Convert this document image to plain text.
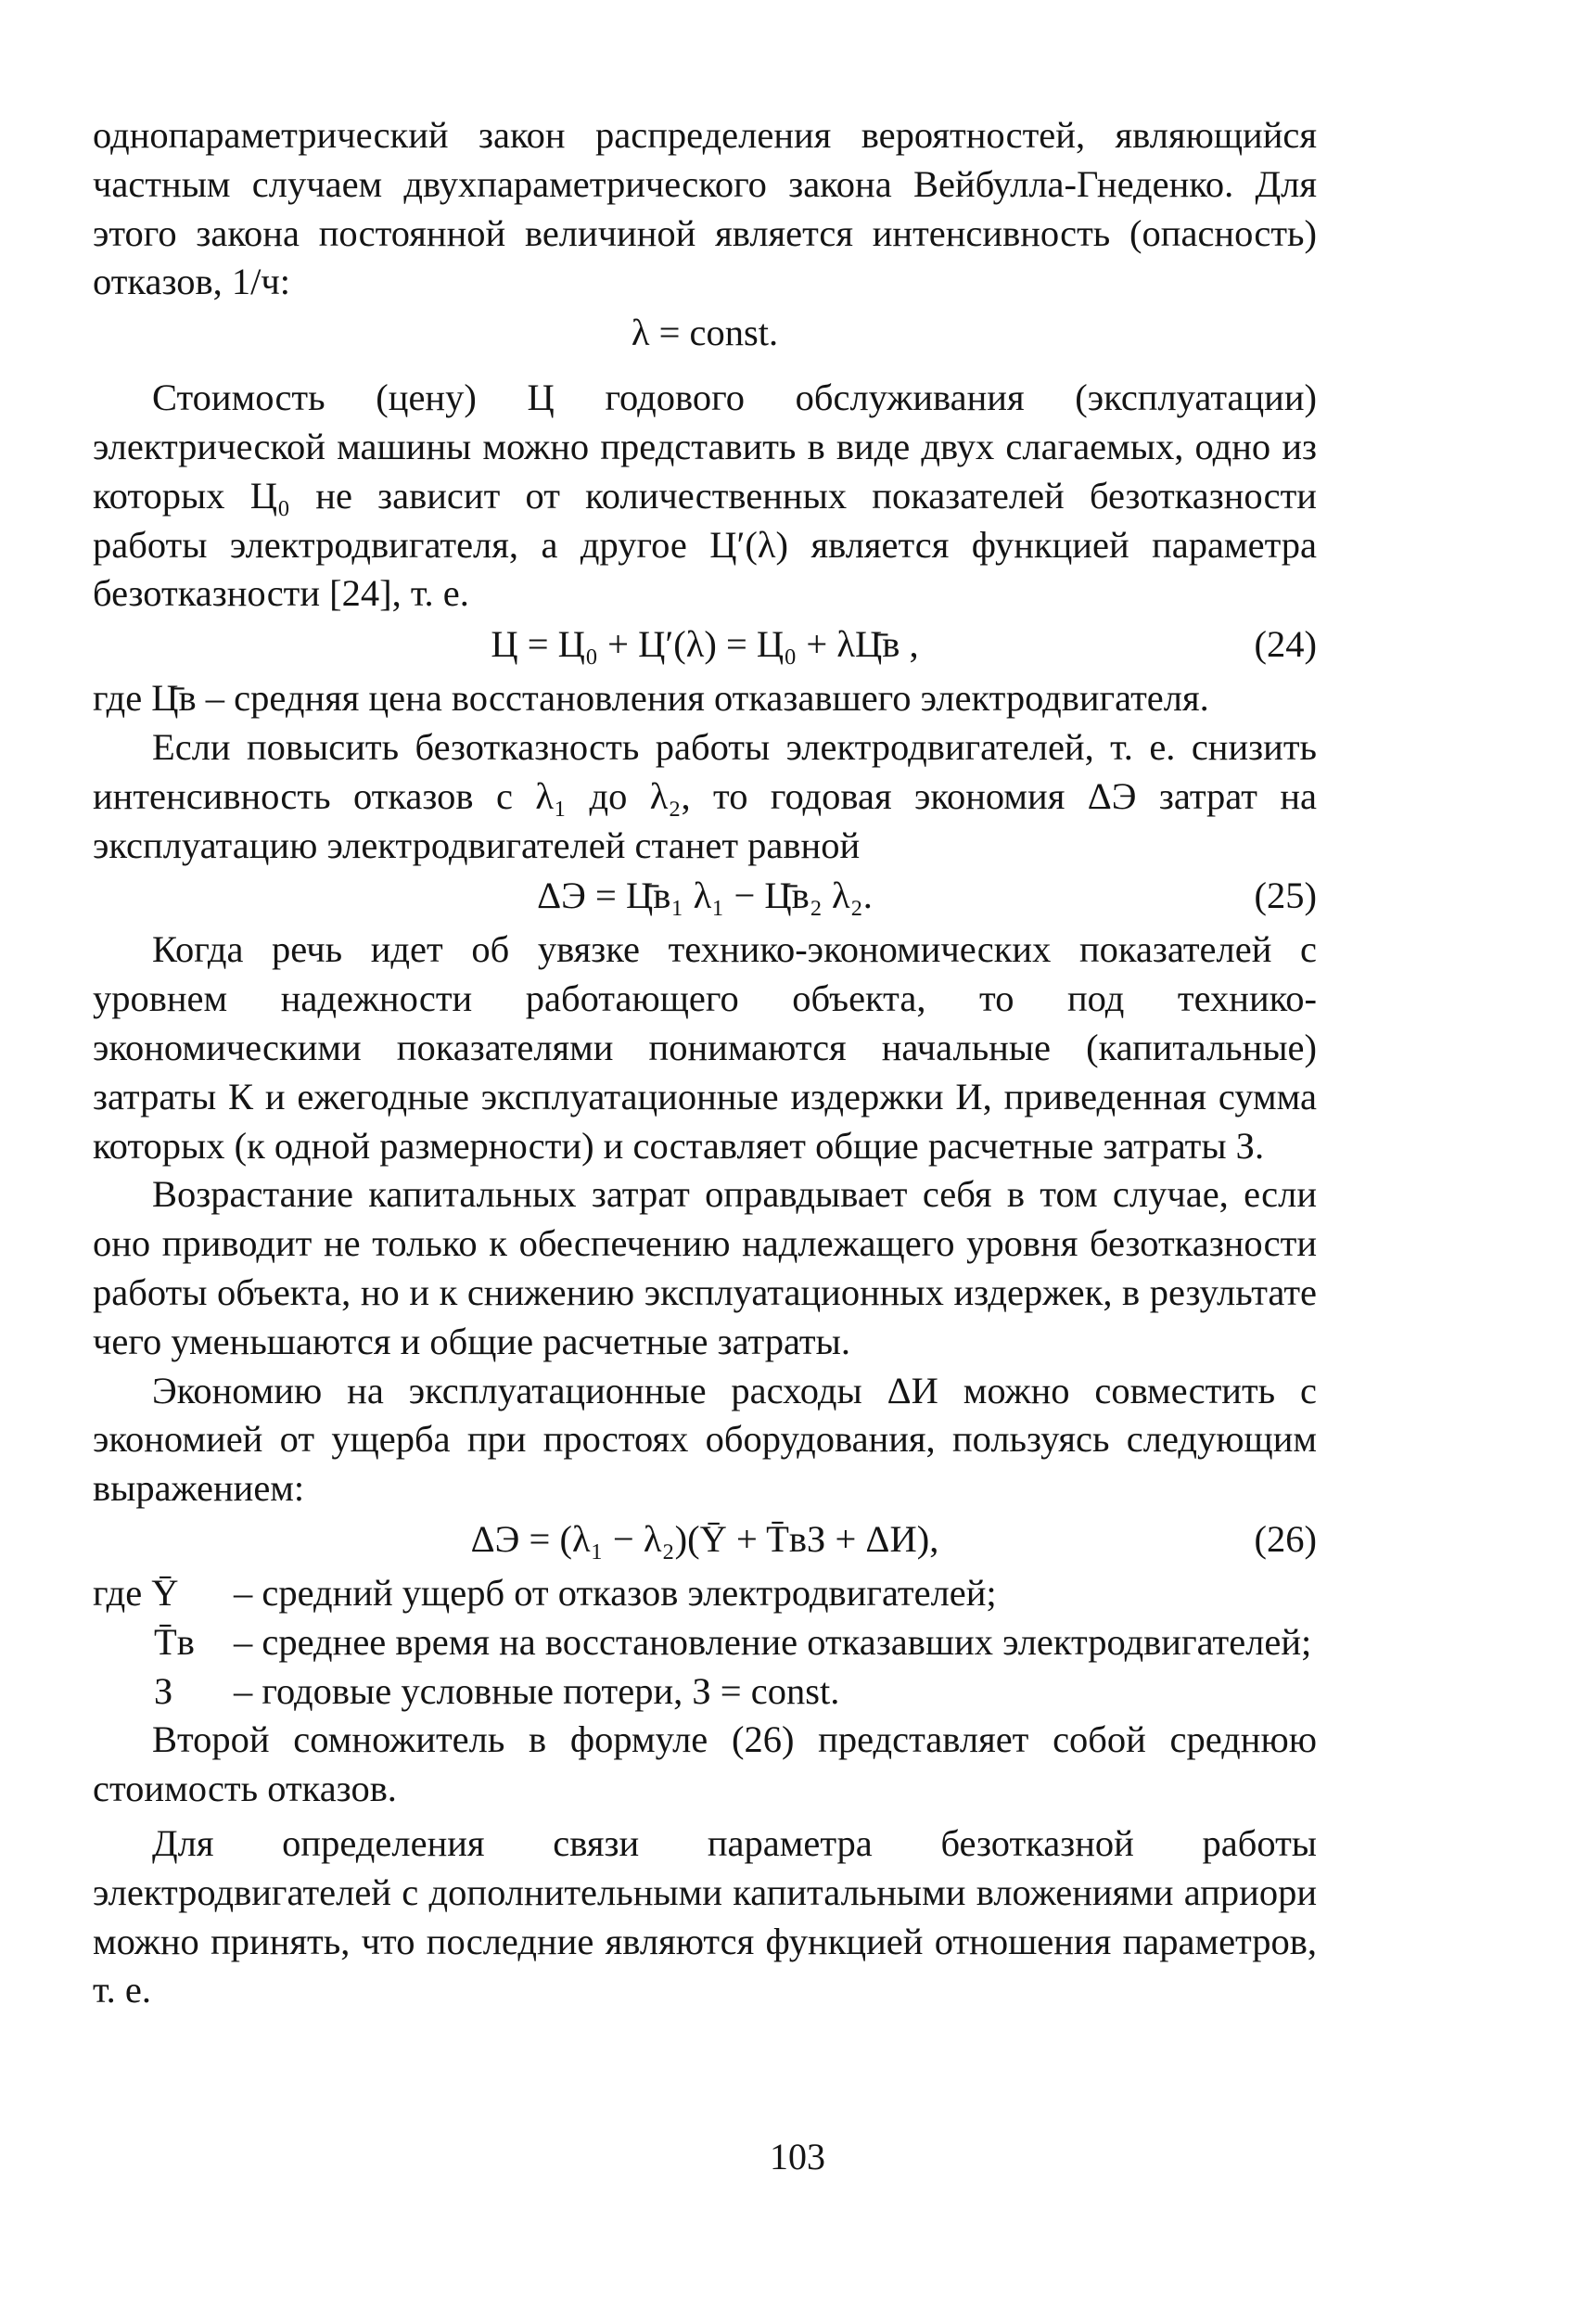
однопараметрический закон распределения вероятностей, являющийся частным случаем двухпараметрического закона Вейбулла-Гнеденко. Для этого закона постоянной величиной является интенсивность (опасность) отказов, 1/ч:

λ = const.

Стоимость (цену) Ц годового обслуживания (эксплуатации) электрической машины можно представить в виде двух слагаемых, одно из которых Ц₀ не зависит от количественных показателей безотказности работы электродвигателя, а другое Ц′(λ) является функцией параметра безотказности [24], т. е.

Ц = Ц₀ + Ц′(λ) = Ц₀ + λЦ̄в ,	(24)

где Ц̄в – средняя цена восстановления отказавшего электродвигателя.

Если повысить безотказность работы электродвигателей, т. е. снизить интенсивность отказов с λ₁ до λ₂, то годовая экономия ΔЭ затрат на эксплуатацию электродвигателей станет равной

ΔЭ = Ц̄в₁ λ₁ − Ц̄в₂ λ₂.	(25)

Когда речь идет об увязке технико-экономических показателей с уровнем надежности работающего объекта, то под технико-экономическими показателями понимаются начальные (капитальные) затраты К и ежегодные эксплуатационные издержки И, приведенная сумма которых (к одной размерности) и составляет общие расчетные затраты З.

Возрастание капитальных затрат оправдывает себя в том случае, если оно приводит не только к обеспечению надлежащего уровня безотказности работы объекта, но и к снижению эксплуатационных издержек, в результате чего уменьшаются и общие расчетные затраты.

Экономию на эксплуатационные расходы ΔИ можно совместить с экономией от ущерба при простоях оборудования, пользуясь следующим выражением:

ΔЭ = (λ₁ − λ₂)(Ȳ + T̄вЗ + ΔИ),	(26)
где Ȳ	– средний ущерб от отказов электродвигателей;
T̄в	– среднее время на восстановление отказавших электродвигателей;
З	– годовые условные потери, З = const.

Второй сомножитель в формуле (26) представляет собой среднюю стоимость отказов.

Для определения связи параметра безотказной работы электродвигателей с дополнительными капитальными вложениями априори можно принять, что последние являются функцией отношения параметров, т. е.

103
